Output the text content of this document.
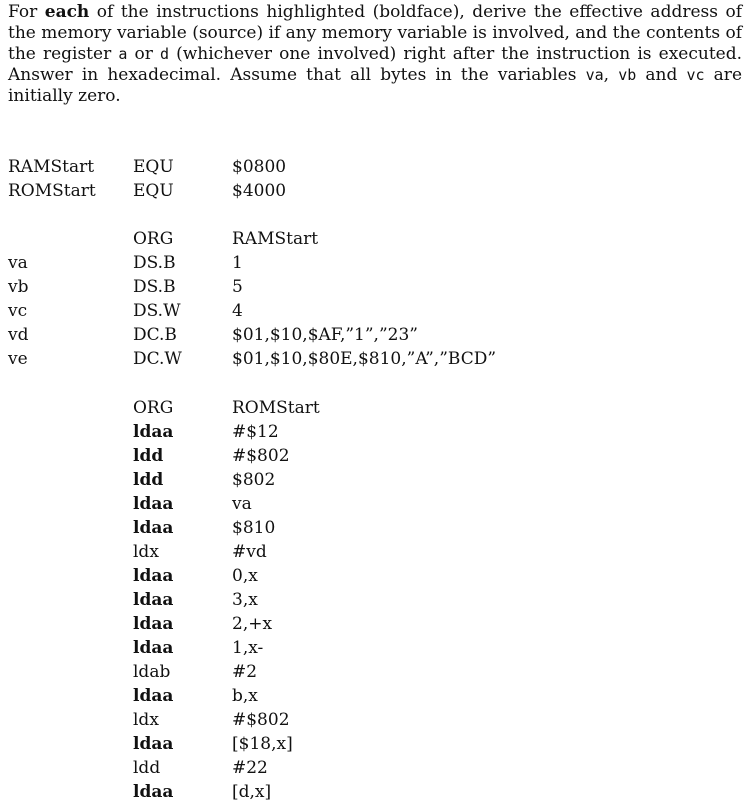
For each of the instructions highlighted (boldface), derive the effective address of the memory variable (source) if any memory variable is involved, and the contents of the register a or d (whichever one involved) right after the instruction is executed. Answer in hexadecimal. Assume that all bytes in the variables va, vb and vc are initially zero.

RAMStart EQU	$0800
ROMStart EQU	$4000
ORG	RAMStart
va	DS.B	1
vb	DS.B	5
vc	DS.W	4
vd	DC.B	$01,$10,$AF,”1”,”23”
ve	DC.W	$01,$10,$80E,$810,”A”,”BCD”
ORG	ROMStart
ldaa	#$12
ldd	#$802
ldd	$802
ldaa	va
ldaa	$810
ldx	#vd
ldaa	0,x
ldaa	3,x
ldaa	2,+x
ldaa	1,x-
ldab	#2
ldaa	b,x
ldx	#$802
ldaa	[$18,x]
ldd	#22
ldaa	[d,x]
